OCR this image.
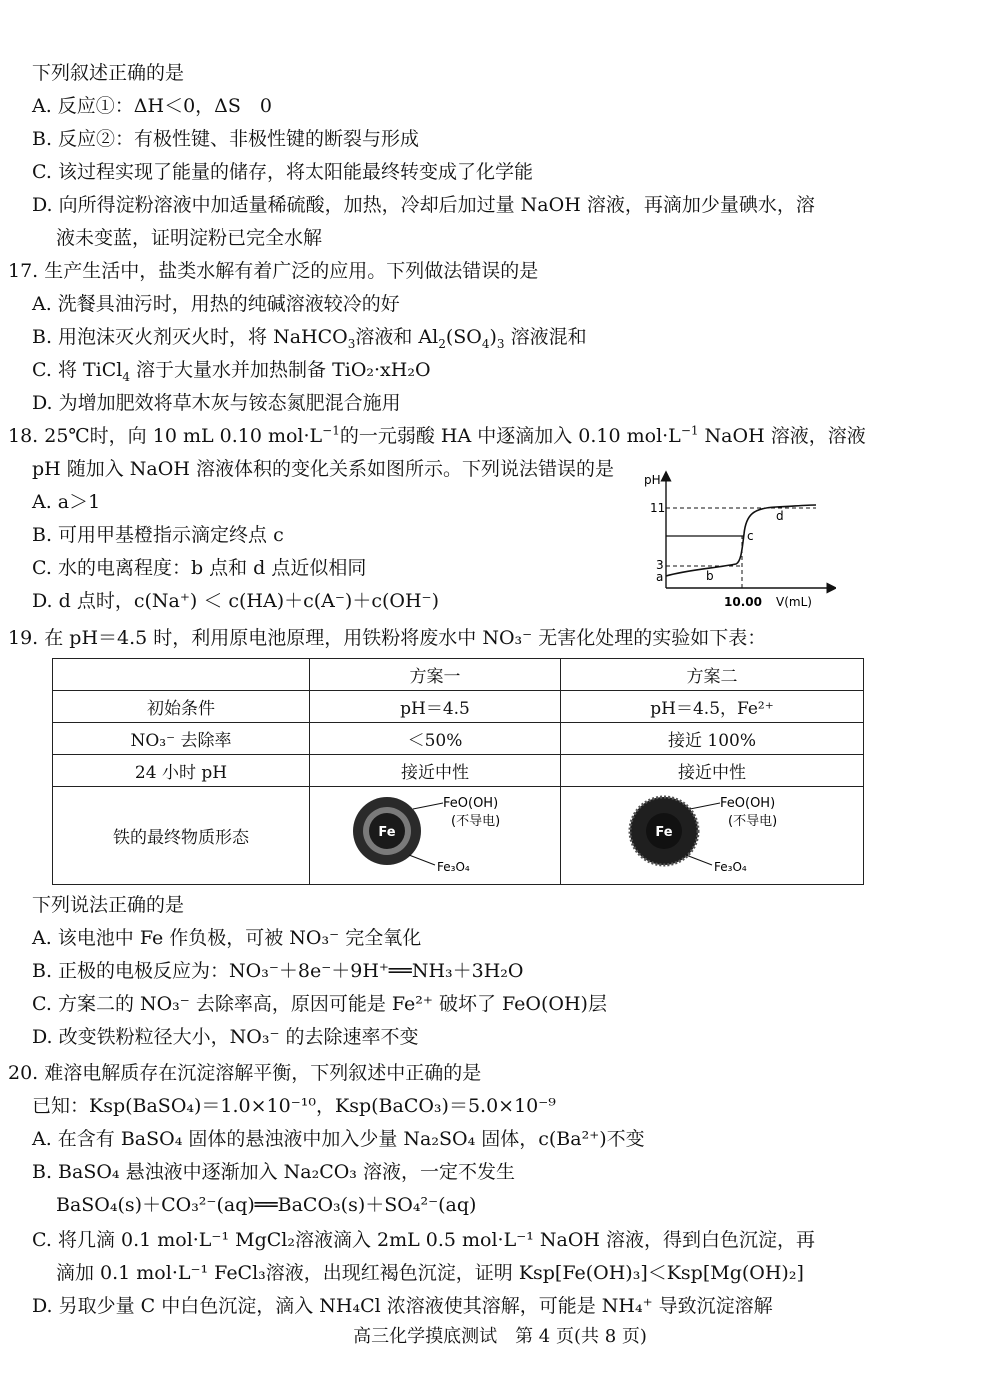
下列叙述正确的是
A. 反应①：ΔH＜0，ΔS　0
B. 反应②：有极性键、非极性键的断裂与形成
C. 该过程实现了能量的储存，将太阳能最终转变成了化学能
D. 向所得淀粉溶液中加适量稀硫酸，加热，冷却后加过量 NaOH 溶液，再滴加少量碘水，溶
液未变蓝，证明淀粉已完全水解
17. 生产生活中，盐类水解有着广泛的应用。下列做法错误的是
A. 洗餐具油污时，用热的纯碱溶液较冷的好
B. 用泡沫灭火剂灭火时，将 NaHCO$_3$溶液和 $Al_2(SO_4)_3$ 溶液混和
C. 将 TiCl$_4$ 溶于大量水并加热制备 TiO₂·xH₂O
D. 为增加肥效将草木灰与铵态氮肥混合施用
18. 25℃时，向 10 mL 0.10 $mol\cdot L^{-1}$的一元弱酸 HA 中逐滴加入 0.10 $mol\cdot L^{-1}$ NaOH 溶液，溶液
pH 随加入 NaOH 溶液体积的变化关系如图所示。下列说法错误的是
A. a＞1
B. 可用甲基橙指示滴定终点 c
C. 水的电离程度：b 点和 d 点近似相同
D. d 点时，c(Na⁺) ＜ c(HA)＋c(A⁻)＋c(OH⁻)
pH
11
3
a	b
c
d
10.00 V(mL)
19. 在 pH＝4.5 时，利用原电池原理，用铁粉将废水中 NO₃⁻ 无害化处理的实验如下表：
	方案一	方案二
初始条件	pH＝4.5	pH＝4.5，Fe²⁺
NO₃⁻ 去除率	＜50%	接近 100%
24 小时 pH	接近中性	接近中性
铁的最终物质形态	Fe
FeO(OH)
(不导电)
Fe₃O₄	Fe
FeO(OH)
(不导电)
Fe₃O₄
下列说法正确的是
A. 该电池中 Fe 作负极，可被 NO₃⁻ 完全氧化
B. 正极的电极反应为：NO₃⁻＋8e⁻＋9H⁺══NH₃＋3H₂O
C. 方案二的 NO₃⁻ 去除率高，原因可能是 Fe²⁺ 破坏了 FeO(OH)层
D. 改变铁粉粒径大小，NO₃⁻ 的去除速率不变
20. 难溶电解质存在沉淀溶解平衡，下列叙述中正确的是
已知：Ksp(BaSO₄)＝1.0×10⁻¹⁰，Ksp(BaCO₃)＝5.0×10⁻⁹
A. 在含有 BaSO₄ 固体的悬浊液中加入少量 Na₂SO₄ 固体，c(Ba²⁺)不变
B. BaSO₄ 悬浊液中逐渐加入 Na₂CO₃ 溶液，一定不发生
BaSO₄(s)＋CO₃²⁻(aq)══BaCO₃(s)＋SO₄²⁻(aq)
C. 将几滴 0.1 mol·L⁻¹ MgCl₂溶液滴入 2mL 0.5 mol·L⁻¹ NaOH 溶液，得到白色沉淀，再
滴加 0.1 mol·L⁻¹ FeCl₃溶液，出现红褐色沉淀，证明 Ksp[Fe(OH)₃]＜Ksp[Mg(OH)₂]
D. 另取少量 C 中白色沉淀，滴入 NH₄Cl 浓溶液使其溶解，可能是 NH₄⁺ 导致沉淀溶解
高三化学摸底测试　第 4 页(共 8 页)
